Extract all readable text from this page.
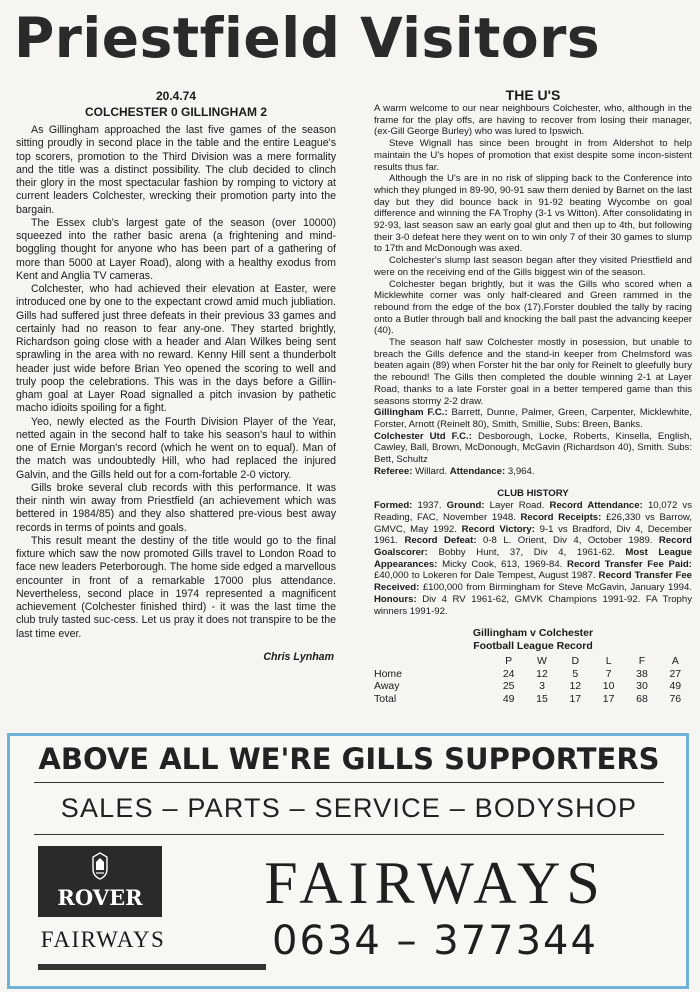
Priestfield Visitors
20.4.74
COLCHESTER 0 GILLINGHAM 2

As Gillingham approached the last five games of the season sitting proudly in second place in the table and the entire League's top scorers, promotion to the Third Division was a mere formality and the title was a distinct possibility. The club decided to clinch their glory in the most spectacular fashion by romping to victory at current leaders Colchester, wrecking their promotion party into the bargain.

The Essex club's largest gate of the season (over 10000) squeezed into the rather basic arena (a frightening and mind-boggling thought for anyone who has been part of a gathering of more than 5000 at Layer Road), along with a healthy exodus from Kent and Anglia TV cameras.

Colchester, who had achieved their elevation at Easter, were introduced one by one to the expectant crowd amid much jubliation. Gills had suffered just three defeats in their previous 33 games and certainly had no reason to fear any-one. They started brightly, Richardson going close with a header and Alan Wilkes being sent sprawling in the area with no reward. Kenny Hill sent a thunderbolt header just wide before Brian Yeo opened the scoring to well and truly poop the celebrations. This was in the days before a Gillin-gham goal at Layer Road signalled a pitch invasion by pathetic macho idioits spoiling for a fight.

Yeo, newly elected as the Fourth Division Player of the Year, netted again in the second half to take his season's haul to within one of Ernie Morgan's record (which he went on to equal). Man of the match was undoubtedly Hill, who had replaced the injured Galvin, and the Gills held out for a com-fortable 2-0 victory.

Gills broke several club records with this performance. It was their ninth win away from Priestfield (an achievement which was bettered in 1984/85) and they also shattered pre-vious best away records in terms of points and goals.

This result meant the destiny of the title would go to the final fixture which saw the now promoted Gills travel to London Road to face new leaders Peterborough. The home side edged a marvellous encounter in front of a remarkable 17000 plus attendance. Nevertheless, second place in 1974 represented a magnificent achievement (Colchester finished third) - it was the last time the club truly tasted suc-cess. Let us pray it does not transpire to be the last time ever.

Chris Lynham
THE U'S

A warm welcome to our near neighbours Colchester, who, although in the frame for the play offs, are having to recover from losing their manager, (ex-Gill George Burley) who was lured to Ipswich.

Steve Wignall has since been brought in from Aldershot to help maintain the U's hopes of promotion that exist despite some incon-sistent results thus far.

Although the U's are in no risk of slipping back to the Conference into which they plunged in 89-90, 90-91 saw them denied by Barnet on the last day but they did bounce back in 91-92 beating Wycombe on goal difference and winning the FA Trophy (3-1 vs Witton). After consolidating in 92-93, last season saw an early goal glut and then up to 4th, but following their 3-0 defeat here they went on to win only 7 of their 30 games to slump to 17th and McDonough was axed.

Colchester's slump last season began after they visited Priestfield and were on the receiving end of the Gills biggest win of the season.

Colchester began brightly, but it was the Gills who scored when a Micklewhite corner was only half-cleared and Green rammed in the rebound from the edge of the box (17).Forster doubled the tally by racing onto a Butler through ball and knocking the ball past the advancing keeper (40).

The season half saw Colchester mostly in posession, but unable to breach the Gills defence and the stand-in keeper from Chelmsford was beaten again (89) when Forster hit the bar only for Reinelt to gleefully bury the rebound! The Gills then completed the double winning 2-1 at Layer Road, thanks to a late Forster goal in a better tempered game than this seasons stormy 2-2 draw.

Gillingham F.C.: Barrett, Dunne, Palmer, Green, Carpenter, Micklewhite, Forster, Arnott (Reinelt 80), Smith, Smillie, Subs: Breen, Banks.

Colchester Utd F.C.: Desborough, Locke, Roberts, Kinsella, English, Cawley, Ball, Brown, McDonough, McGavin (Richardson 40), Smith. Subs: Bett, Schultz

Referee: Willard. Attendance: 3,964.

CLUB HISTORY

Formed: 1937. Ground: Layer Road. Record Attendance: 10,072 vs Reading, FAC, November 1948. Record Receipts: £26,330 vs Barrow, GMVC, May 1992. Record Victory: 9-1 vs Bradford, Div 4, December 1961. Record Defeat: 0-8 L. Orient, Div 4, October 1989. Record Goalscorer: Bobby Hunt, 37, Div 4, 1961-62. Most League Appearances: Micky Cook, 613, 1969-84. Record Transfer Fee Paid: £40,000 to Lokeren for Dale Tempest, August 1987. Record Transfer Fee Received: £100,000 from Birmingham for Steve McGavin, January 1994. Honours: Div 4 RV 1961-62, GMVK Champions 1991-92. FA Trophy winners 1991-92.

Gillingham v Colchester
Football League Record
	P	W	D	L	F	A
Home	24	12	5	7	38	27
Away	25	3	12	10	30	49
Total	49	15	17	17	68	76
ABOVE ALL WE'RE GILLS SUPPORTERS
SALES – PARTS – SERVICE – BODYSHOP
ROVER
FAIRWAYS
FAIRWAYS
0634 – 377344
